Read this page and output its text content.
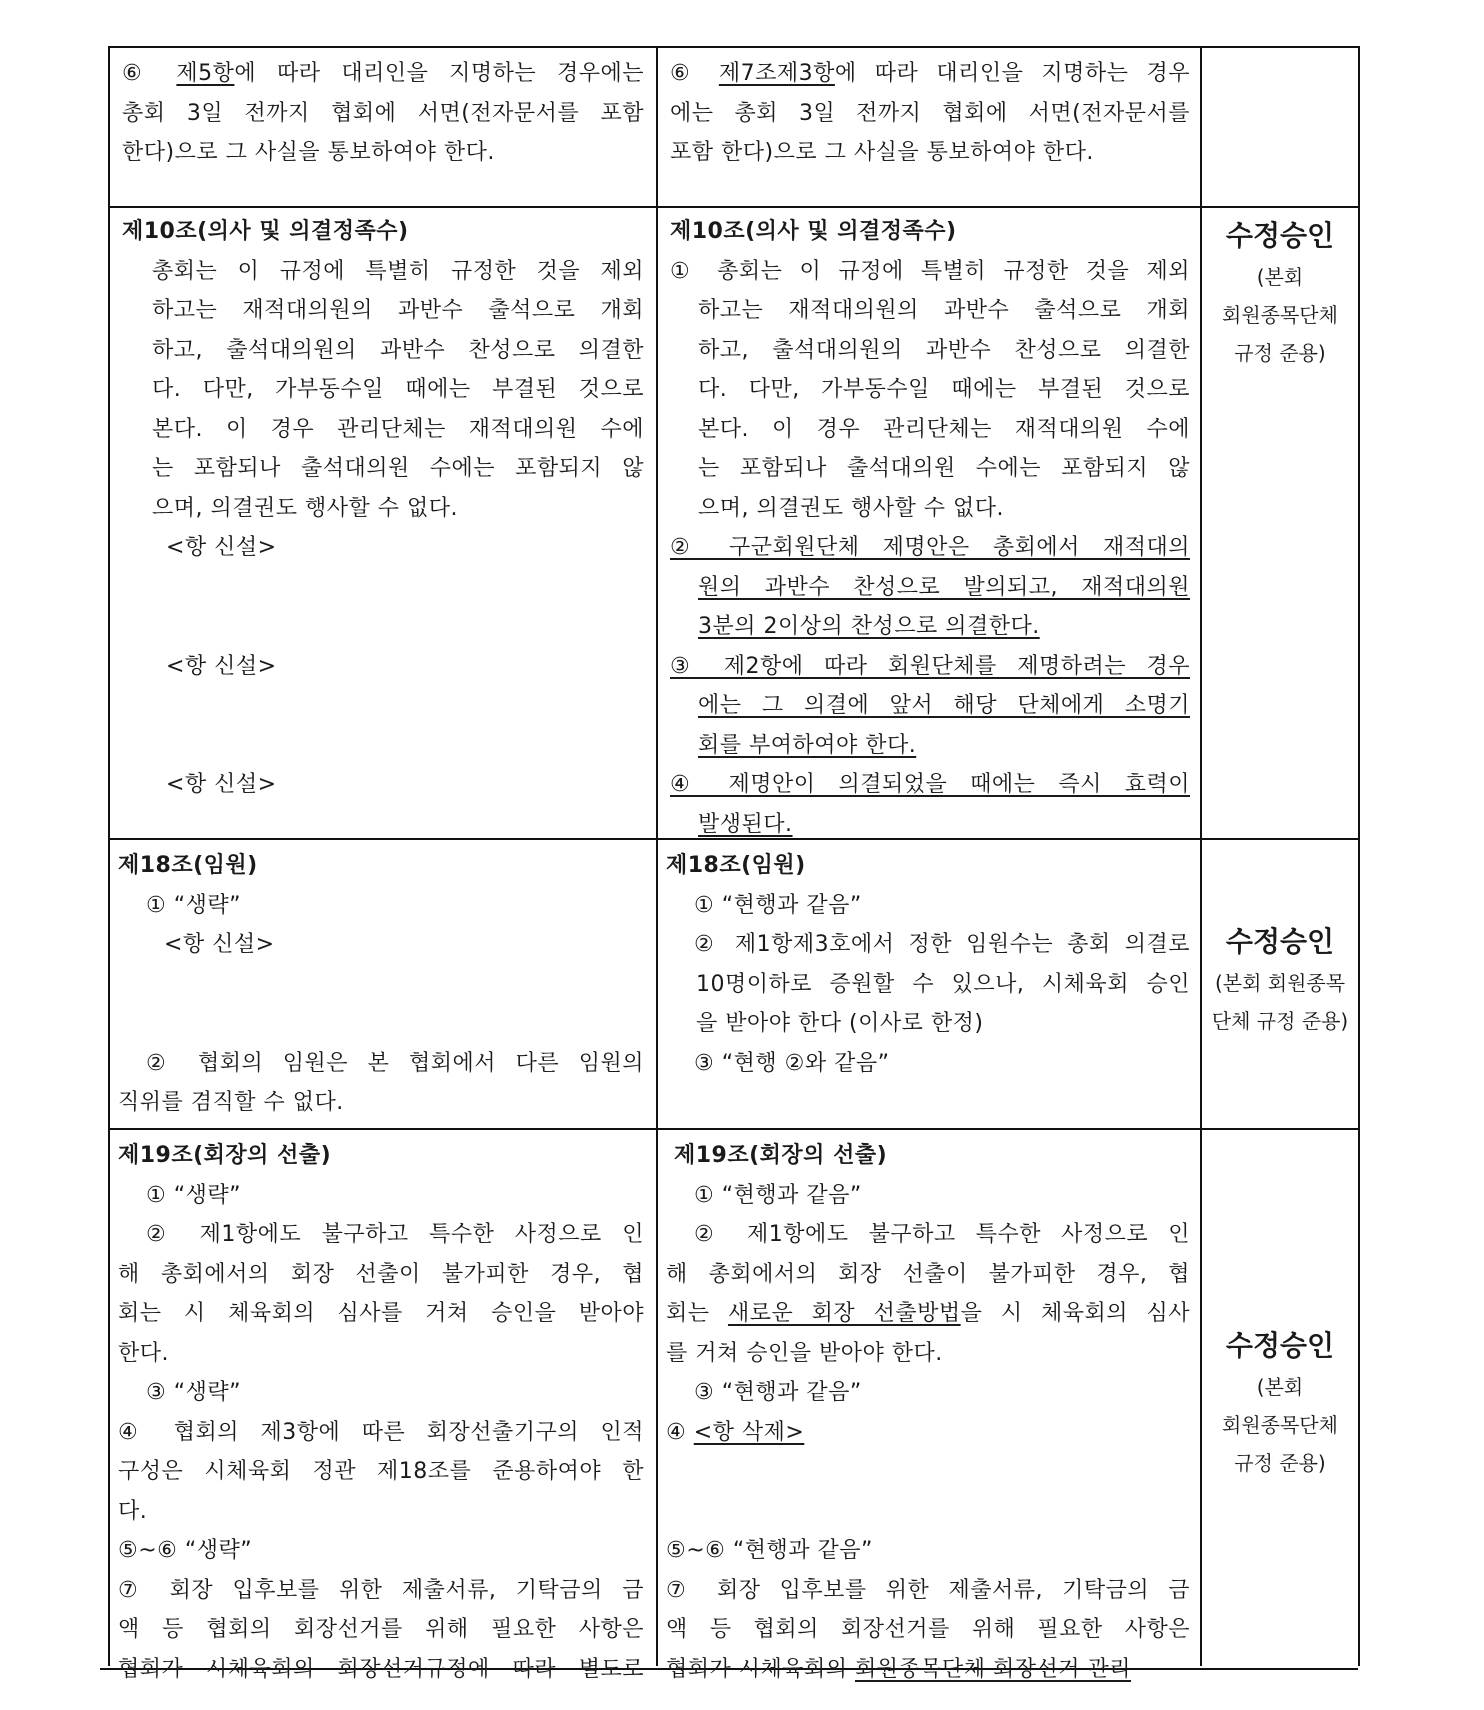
⑥ 제5항에 따라 대리인을 지명하는 경우에는

총회 3일 전까지 협회에 서면(전자문서를 포함

한다)으로 그 사실을 통보하여야 한다.

⑥ 제7조제3항에 따라 대리인을 지명하는 경우

에는 총회 3일 전까지 협회에 서면(전자문서를

포함 한다)으로 그 사실을 통보하여야 한다.

제10조(의사 및 의결정족수)

총회는 이 규정에 특별히 규정한 것을 제외

하고는 재적대의원의 과반수 출석으로 개회

하고, 출석대의원의 과반수 찬성으로 의결한

다. 다만, 가부동수일 때에는 부결된 것으로

본다. 이 경우 관리단체는 재적대의원 수에

는 포함되나 출석대의원 수에는 포함되지 않

으며, 의결권도 행사할 수 없다.

<항 신설>

<항 신설>

<항 신설>

제10조(의사 및 의결정족수)

① 총회는 이 규정에 특별히 규정한 것을 제외

하고는 재적대의원의 과반수 출석으로 개회

하고, 출석대의원의 과반수 찬성으로 의결한

다. 다만, 가부동수일 때에는 부결된 것으로

본다. 이 경우 관리단체는 재적대의원 수에

는 포함되나 출석대의원 수에는 포함되지 않

으며, 의결권도 행사할 수 없다.

② 구군회원단체 제명안은 총회에서 재적대의

원의 과반수 찬성으로 발의되고, 재적대의원

3분의 2이상의 찬성으로 의결한다.

③ 제2항에 따라 회원단체를 제명하려는 경우

에는 그 의결에 앞서 해당 단체에게 소명기

회를 부여하여야 한다.

④ 제명안이 의결되었을 때에는 즉시 효력이

발생된다.

수정승인
(본회
회원종목단체
규정 준용)

제18조(임원)

① “생략”

<항 신설>

② 협회의 임원은 본 협회에서 다른 임원의

직위를 겸직할 수 없다.

제18조(임원)

① “현행과 같음”

② 제1항제3호에서 정한 임원수는 총회 의결로

10명이하로 증원할 수 있으나, 시체육회 승인

을 받아야 한다 (이사로 한정)

③ “현행 ②와 같음”

수정승인
(본회 회원종목
단체 규정 준용)

제19조(회장의 선출)

① “생략”

② 제1항에도 불구하고 특수한 사정으로 인

해 총회에서의 회장 선출이 불가피한 경우, 협

회는 시 체육회의 심사를 거쳐 승인을 받아야

한다.

③ “생략”

④ 협회의 제3항에 따른 회장선출기구의 인적

구성은 시체육회 정관 제18조를 준용하여야 한

다.

⑤~⑥ “생략”

⑦ 회장 입후보를 위한 제출서류, 기탁금의 금

액 등 협회의 회장선거를 위해 필요한 사항은

협회가 시체육회의 회장선거규정에 따라 별도로

제19조(회장의 선출)

① “현행과 같음”

② 제1항에도 불구하고 특수한 사정으로 인

해 총회에서의 회장 선출이 불가피한 경우, 협

회는 새로운 회장 선출방법을 시 체육회의 심사

를 거쳐 승인을 받아야 한다.

③ “현행과 같음”

④ <항 삭제>

⑤~⑥ “현행과 같음”

⑦ 회장 입후보를 위한 제출서류, 기탁금의 금

액 등 협회의 회장선거를 위해 필요한 사항은

협회가 시체육회의 회원종목단체 회장선거 관리

수정승인
(본회
회원종목단체
규정 준용)
